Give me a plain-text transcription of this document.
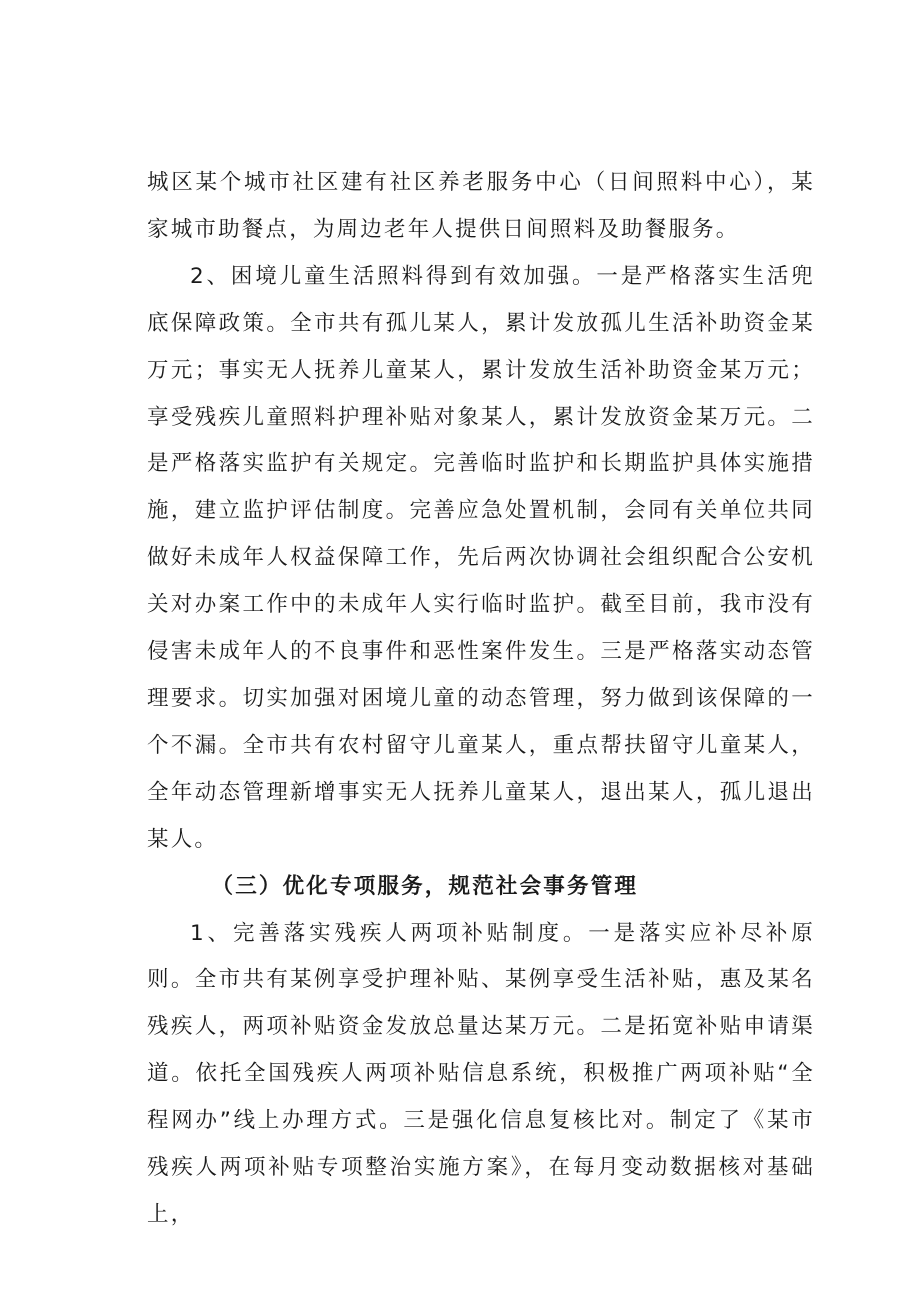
城区某个城市社区建有社区养老服务中心（日间照料中心），某家城市助餐点，为周边老年人提供日间照料及助餐服务。

2、困境儿童生活照料得到有效加强。一是严格落实生活兜底保障政策。全市共有孤儿某人，累计发放孤儿生活补助资金某万元；事实无人抚养儿童某人，累计发放生活补助资金某万元；享受残疾儿童照料护理补贴对象某人，累计发放资金某万元。二是严格落实监护有关规定。完善临时监护和长期监护具体实施措施，建立监护评估制度。完善应急处置机制，会同有关单位共同做好未成年人权益保障工作，先后两次协调社会组织配合公安机关对办案工作中的未成年人实行临时监护。截至目前，我市没有侵害未成年人的不良事件和恶性案件发生。三是严格落实动态管理要求。切实加强对困境儿童的动态管理，努力做到该保障的一个不漏。全市共有农村留守儿童某人，重点帮扶留守儿童某人，全年动态管理新增事实无人抚养儿童某人，退出某人，孤儿退出某人。

（三）优化专项服务，规范社会事务管理

1、完善落实残疾人两项补贴制度。一是落实应补尽补原则。全市共有某例享受护理补贴、某例享受生活补贴，惠及某名残疾人，两项补贴资金发放总量达某万元。二是拓宽补贴申请渠道。依托全国残疾人两项补贴信息系统，积极推广两项补贴“全程网办”线上办理方式。三是强化信息复核比对。制定了《某市残疾人两项补贴专项整治实施方案》，在每月变动数据核对基础上，
